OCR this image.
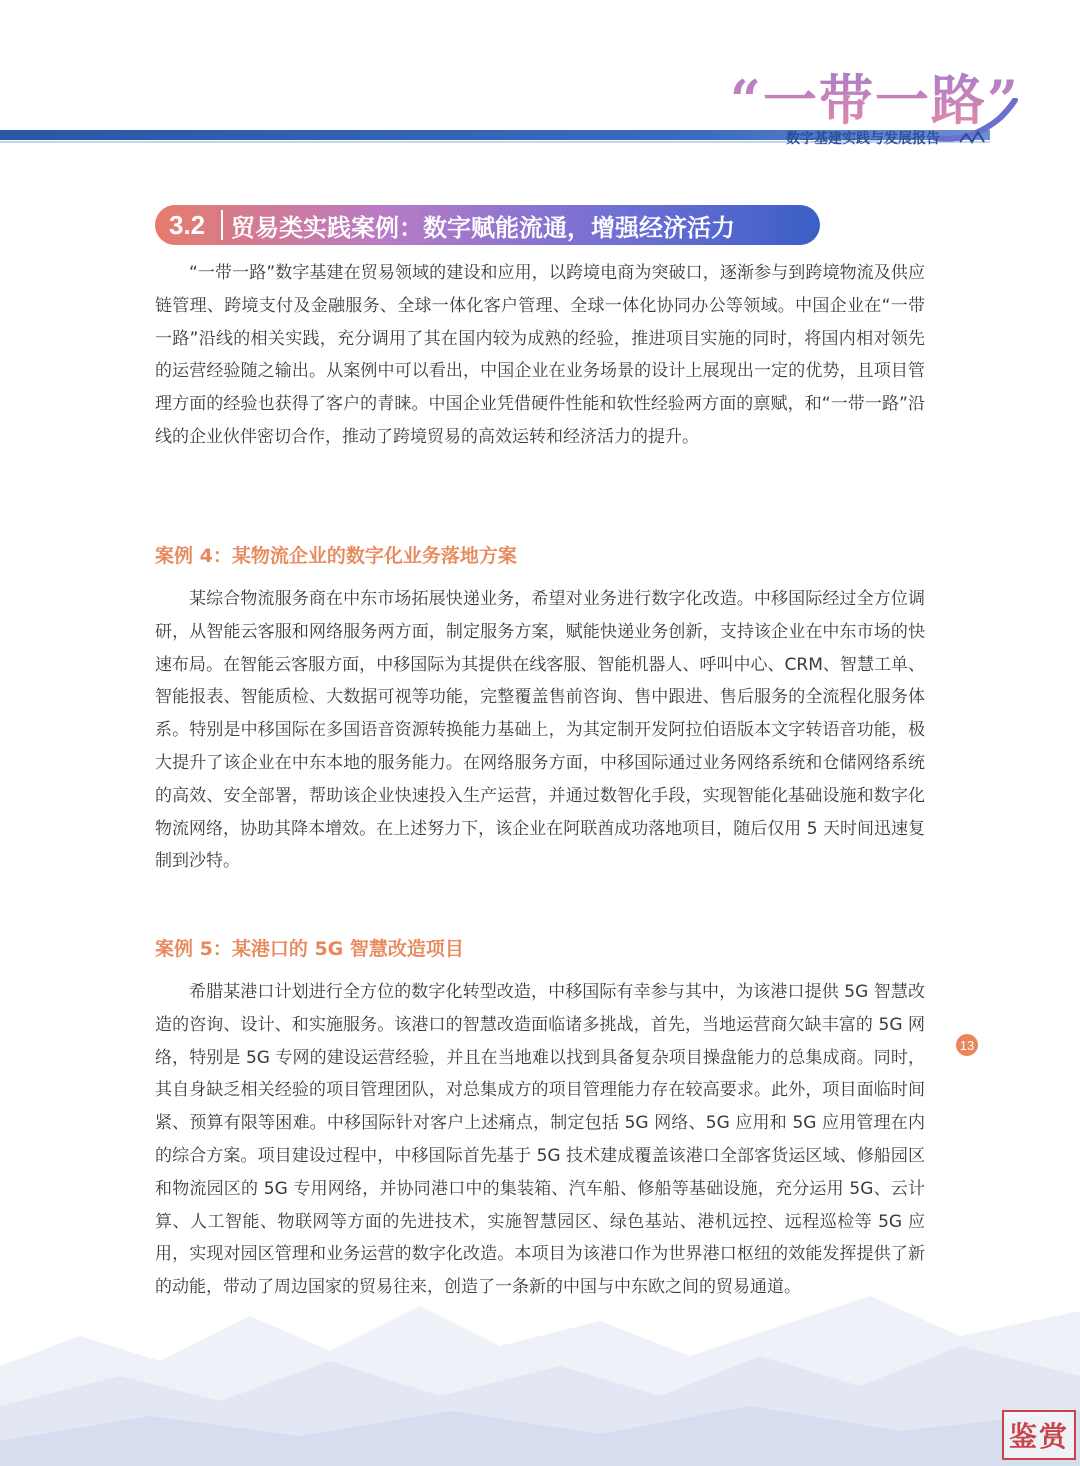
“一带一路”
数字基建实践与发展报告
3.2	贸易类实践案例：数字赋能流通，增强经济活力

“一带一路”数字基建在贸易领域的建设和应用，以跨境电商为突破口，逐渐参与到跨境物流及供应链管理、跨境支付及金融服务、全球一体化客户管理、全球一体化协同办公等领域。中国企业在“一带一路”沿线的相关实践，充分调用了其在国内较为成熟的经验，推进项目实施的同时，将国内相对领先的运营经验随之输出。从案例中可以看出，中国企业在业务场景的设计上展现出一定的优势，且项目管理方面的经验也获得了客户的青睐。中国企业凭借硬件性能和软性经验两方面的禀赋，和“一带一路”沿线的企业伙伴密切合作，推动了跨境贸易的高效运转和经济活力的提升。

案例 4：某物流企业的数字化业务落地方案

某综合物流服务商在中东市场拓展快递业务，希望对业务进行数字化改造。中移国际经过全方位调研，从智能云客服和网络服务两方面，制定服务方案，赋能快递业务创新，支持该企业在中东市场的快速布局。在智能云客服方面，中移国际为其提供在线客服、智能机器人、呼叫中心、CRM、智慧工单、智能报表、智能质检、大数据可视等功能，完整覆盖售前咨询、售中跟进、售后服务的全流程化服务体系。特别是中移国际在多国语音资源转换能力基础上，为其定制开发阿拉伯语版本文字转语音功能，极大提升了该企业在中东本地的服务能力。在网络服务方面，中移国际通过业务网络系统和仓储网络系统的高效、安全部署，帮助该企业快速投入生产运营，并通过数智化手段，实现智能化基础设施和数字化物流网络，协助其降本增效。在上述努力下，该企业在阿联酋成功落地项目，随后仅用 5 天时间迅速复制到沙特。

案例 5：某港口的 5G 智慧改造项目

希腊某港口计划进行全方位的数字化转型改造，中移国际有幸参与其中，为该港口提供 5G 智慧改造的咨询、设计、和实施服务。该港口的智慧改造面临诸多挑战，首先，当地运营商欠缺丰富的 5G 网络，特别是 5G 专网的建设运营经验，并且在当地难以找到具备复杂项目操盘能力的总集成商。同时，其自身缺乏相关经验的项目管理团队，对总集成方的项目管理能力存在较高要求。此外，项目面临时间紧、预算有限等困难。中移国际针对客户上述痛点，制定包括 5G 网络、5G 应用和 5G 应用管理在内的综合方案。项目建设过程中，中移国际首先基于 5G 技术建成覆盖该港口全部客货运区域、修船园区和物流园区的 5G 专用网络，并协同港口中的集装箱、汽车船、修船等基础设施，充分运用 5G、云计算、人工智能、物联网等方面的先进技术，实施智慧园区、绿色基站、港机远控、远程巡检等 5G 应用，实现对园区管理和业务运营的数字化改造。本项目为该港口作为世界港口枢纽的效能发挥提供了新的动能，带动了周边国家的贸易往来，创造了一条新的中国与中东欧之间的贸易通道。

13
鉴赏
